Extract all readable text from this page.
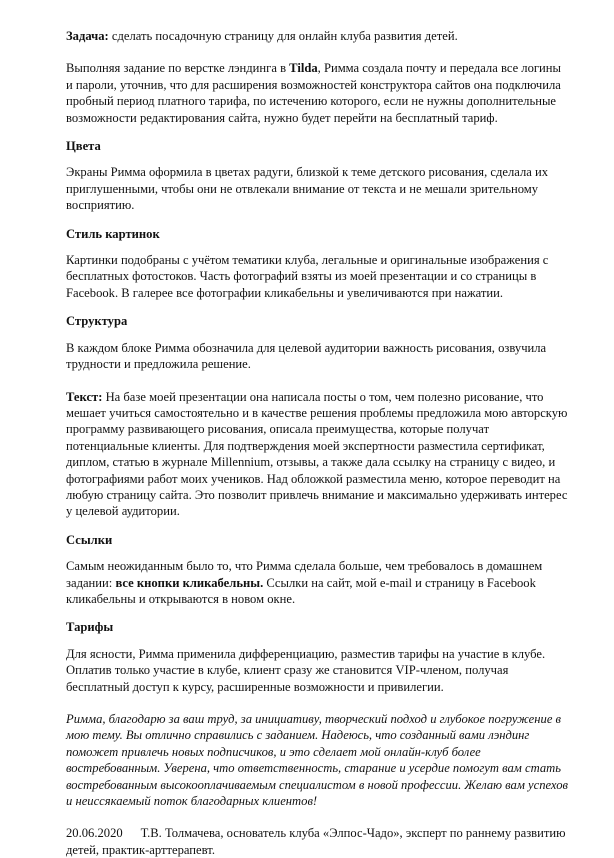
Задача: сделать посадочную страницу для онлайн клуба развития детей.

Выполняя задание по верстке лэндинга в Tilda, Римма создала почту и передала все логины и пароли, уточнив, что для расширения возможностей конструктора сайтов она подключила пробный период платного тарифа, по истечению которого, если не нужны дополнительные возможности редактирования сайта, нужно будет перейти на бесплатный тариф.

Цвета

Экраны Римма оформила в цветах радуги, близкой к теме детского рисования, сделала их приглушенными, чтобы они не отвлекали внимание от текста и не мешали зрительному восприятию.

Стиль картинок

Картинки подобраны с учётом тематики клуба, легальные и оригинальные изображения с бесплатных фотостоков. Часть фотографий взяты из моей презентации и со страницы в Facebook. В галерее все фотографии кликабельны и увеличиваются при нажатии.

Структура

В каждом блоке Римма обозначила для целевой аудитории важность рисования, озвучила трудности и предложила решение.

Текст: На базе моей презентации она написала посты о том, чем полезно рисование, что мешает учиться самостоятельно и в качестве решения проблемы предложила мою авторскую программу развивающего рисования, описала преимущества, которые получат потенциальные клиенты. Для подтверждения моей экспертности разместила сертификат, диплом, статью в журнале Millennium, отзывы, а также дала ссылку на страницу с видео, и фотографиями работ моих учеников. Над обложкой разместила меню, которое переводит на любую страницу сайта. Это позволит привлечь внимание и максимально удерживать интерес у целевой аудитории.

Ссылки

Самым неожиданным было то, что Римма сделала больше, чем требовалось в домашнем задании: все кнопки кликабельны. Ссылки на сайт, мой e-mail и страницу в Facebook кликабельны и открываются в новом окне.

Тарифы

Для ясности, Римма применила дифференциацию, разместив тарифы на участие в клубе. Оплатив только участие в клубе, клиент сразу же становится VIP-членом, получая бесплатный доступ к курсу, расширенные возможности и привилегии.

Римма, благодарю за ваш труд, за инициативу, творческий подход и глубокое погружение в мою тему. Вы отлично справились с заданием. Надеюсь, что созданный вами лэндинг поможет привлечь новых подписчиков, и это сделает мой онлайн-клуб более востребованным. Уверена, что ответственность, старание и усердие помогут вам стать востребованным высокооплачиваемым специалистом в новой профессии. Желаю вам успехов и неиссякаемый поток благодарных клиентов!

20.06.2020 Т.В. Толмачева, основатель клуба «Элпос-Чадо», эксперт по раннему развитию детей, практик-арттерапевт.
